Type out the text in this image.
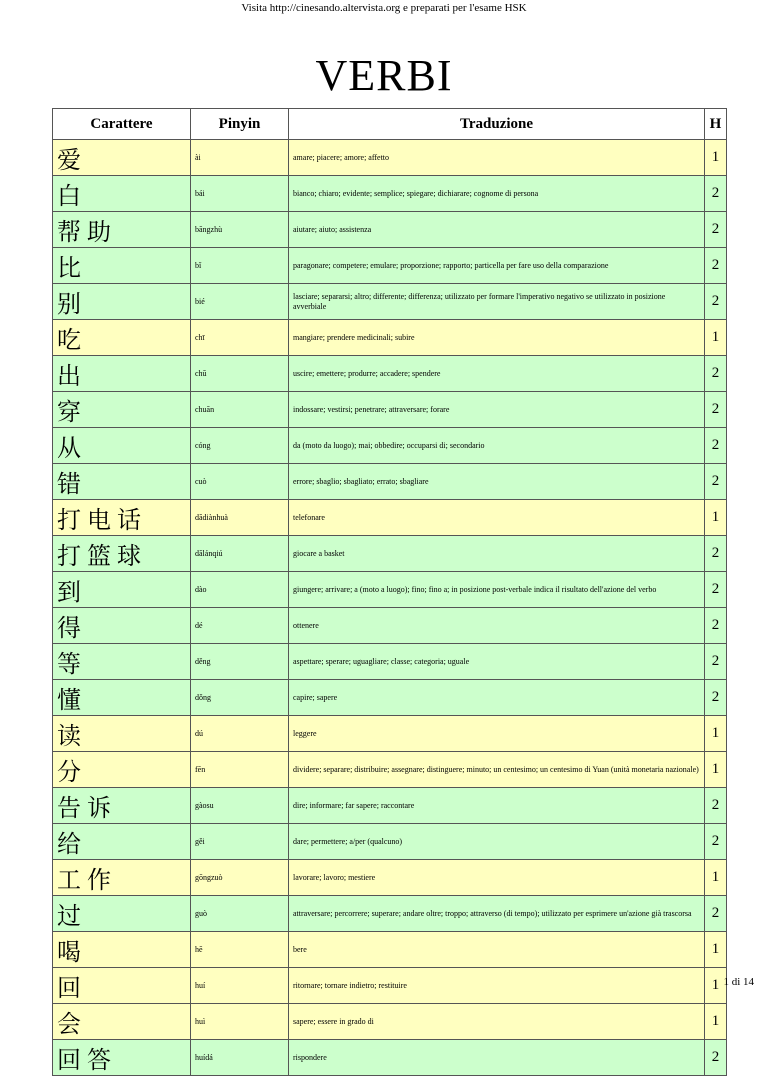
Visita http://cinesando.altervista.org e preparati per l'esame HSK
VERBI
Carattere	Pinyin	Traduzione	H
爱	ài	amare; piacere; amore; affetto	1
白	bái	bianco; chiaro; evidente; semplice; spiegare; dichiarare; cognome di persona	2
帮助	bāngzhù	aiutare; aiuto; assistenza	2
比	bǐ	paragonare; competere; emulare; proporzione; rapporto; particella per fare uso della comparazione	2
别	bié	lasciare; separarsi; altro; differente; differenza; utilizzato per formare l'imperativo negativo se utilizzato in posizione avverbiale	2
吃	chī	mangiare; prendere medicinali; subire	1
出	chū	uscire; emettere; produrre; accadere; spendere	2
穿	chuān	indossare; vestirsi; penetrare; attraversare; forare	2
从	cóng	da (moto da luogo); mai; obbedire; occuparsi di; secondario	2
错	cuò	errore; sbaglio; sbagliato; errato; sbagliare	2
打电话	dădiànhuà	telefonare	1
打篮球	dălánqiú	giocare a basket	2
到	dào	giungere; arrivare; a (moto a luogo); fino; fino a; in posizione post-verbale indica il risultato dell'azione del verbo	2
得	dé	ottenere	2
等	děng	aspettare; sperare; uguagliare; classe; categoria; uguale	2
懂	dǒng	capire; sapere	2
读	dú	leggere	1
分	fēn	dividere; separare; distribuire; assegnare; distinguere; minuto; un centesimo; un centesimo di Yuan (unità monetaria nazionale)	1
告诉	gàosu	dire; informare; far sapere; raccontare	2
给	gěi	dare; permettere; a/per (qualcuno)	2
工作	gōngzuò	lavorare; lavoro; mestiere	1
过	guò	attraversare; percorrere; superare; andare oltre; troppo; attraverso (di tempo); utilizzato per esprimere un'azione già trascorsa	2
喝	hē	bere	1
回	huí	ritornare; tornare indietro; restituire	1
会	huì	sapere; essere in grado di	1
回答	huídá	rispondere	2
1 di 14
